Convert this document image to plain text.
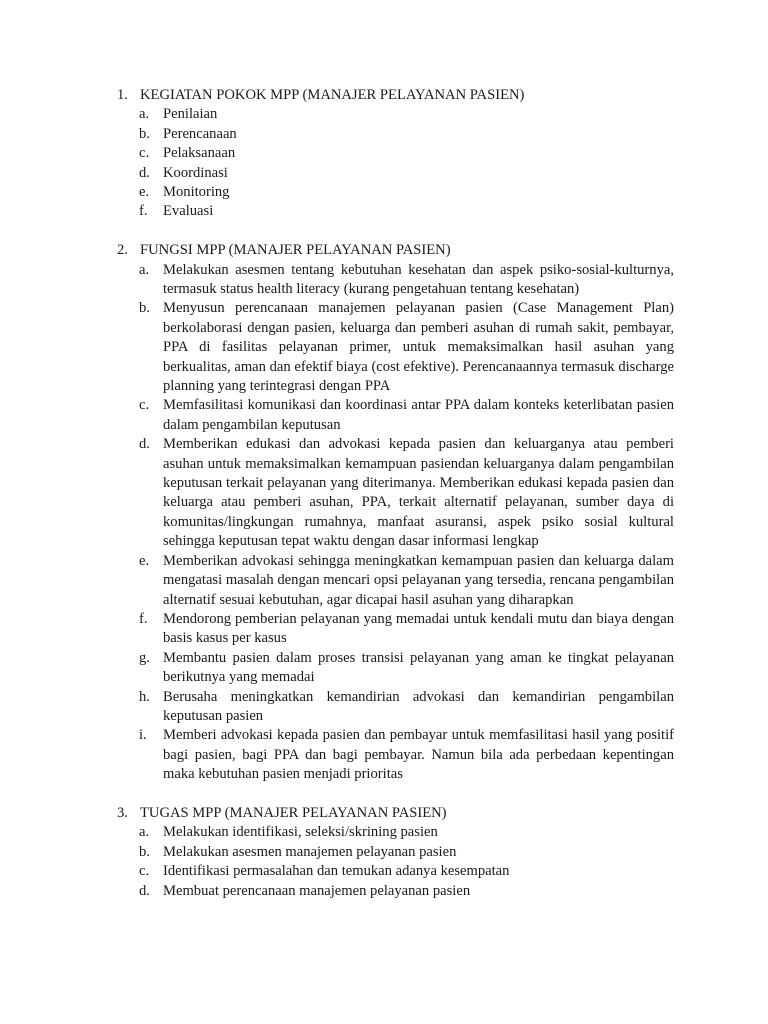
1. KEGIATAN POKOK MPP (MANAJER PELAYANAN PASIEN)
a. Penilaian
b. Perencanaan
c. Pelaksanaan
d. Koordinasi
e. Monitoring
f. Evaluasi
2. FUNGSI MPP (MANAJER PELAYANAN PASIEN)
a. Melakukan asesmen tentang kebutuhan kesehatan dan aspek psiko-sosial-kulturnya, termasuk status health literacy (kurang pengetahuan tentang kesehatan)
b. Menyusun perencanaan manajemen pelayanan pasien (Case Management Plan) berkolaborasi dengan pasien, keluarga dan pemberi asuhan di rumah sakit, pembayar, PPA di fasilitas pelayanan primer, untuk memaksimalkan hasil asuhan yang berkualitas, aman dan efektif biaya (cost efektive). Perencanaannya termasuk discharge planning yang terintegrasi dengan PPA
c. Memfasilitasi komunikasi dan koordinasi antar PPA dalam konteks keterlibatan pasien dalam pengambilan keputusan
d. Memberikan edukasi dan advokasi kepada pasien dan keluarganya atau pemberi asuhan untuk memaksimalkan kemampuan pasiendan keluarganya dalam pengambilan keputusan terkait pelayanan yang diterimanya. Memberikan edukasi kepada pasien dan keluarga atau pemberi asuhan, PPA, terkait alternatif pelayanan, sumber daya di komunitas/lingkungan rumahnya, manfaat asuransi, aspek psiko sosial kultural sehingga keputusan tepat waktu dengan dasar informasi lengkap
e. Memberikan advokasi sehingga meningkatkan kemampuan pasien dan keluarga dalam mengatasi masalah dengan mencari opsi pelayanan yang tersedia, rencana pengambilan alternatif sesuai kebutuhan, agar dicapai hasil asuhan yang diharapkan
f. Mendorong pemberian pelayanan yang memadai untuk kendali mutu dan biaya dengan basis kasus per kasus
g. Membantu pasien dalam proses transisi pelayanan yang aman ke tingkat pelayanan berikutnya yang memadai
h. Berusaha meningkatkan kemandirian advokasi dan kemandirian pengambilan keputusan pasien
i. Memberi advokasi kepada pasien dan pembayar untuk memfasilitasi hasil yang positif bagi pasien, bagi PPA dan bagi pembayar. Namun bila ada perbedaan kepentingan maka kebutuhan pasien menjadi prioritas
3. TUGAS MPP (MANAJER PELAYANAN PASIEN)
a. Melakukan identifikasi, seleksi/skrining pasien
b. Melakukan asesmen manajemen pelayanan pasien
c. Identifikasi permasalahan dan temukan adanya kesempatan
d. Membuat perencanaan manajemen pelayanan pasien
